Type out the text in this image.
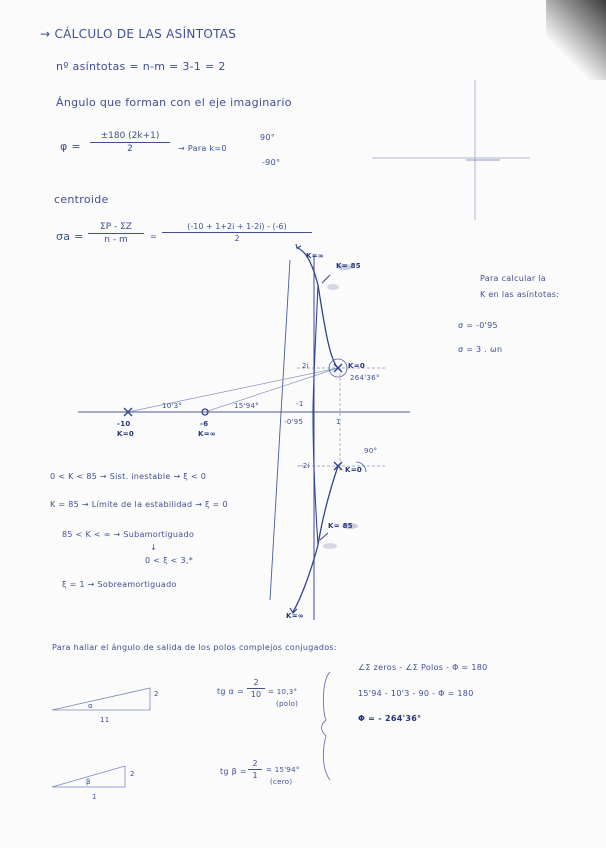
→ CÁLCULO DE LAS ASÍNTOTAS
nº asíntotas = n-m = 3-1 = 2
Ángulo que forman con el eje imaginario
$\varphi = \frac{\pm 180 (2k+1)}{2}$ → Para k=0
90°
-90°
centroide
$\sigma a = \frac{\Sigma P - \Sigma Z}{n - m} = \frac{(-10 + 1+2i + 1-2i) - (-6)}{2}$
Para calcular la
K en las asíntotas:
σ = -0'95
σ = 3 . ωn
K=∞
K= 85
K=0
264'36°
2i
K=0
-2i
90°
K= 85
K=∞
-10
K=0
-6
K=∞
-1
1
-0'95
10'3°	15'94°
0 < K < 85 → Sist. inestable → ξ < 0
K = 85 → Límite de la estabilidad → ξ = 0
85 < K < ∞ → Subamortiguado
↓
0 < ξ < 3,*
ξ = 1 → Sobreamortiguado
Para hallar el ángulo de salida de los polos complejos conjugados:
∠Σ zeros - ∠Σ Polos - Φ = 180
15'94 - 10'3 - 90 - Φ = 180
Φ = - 264'36°
tg $\alpha = \frac{2}{10} = 10,3^\circ$
(polo)
tg $\beta = \frac{2}{1} = 15'94^\circ$
(cero)
2
11
α
2
1
β
